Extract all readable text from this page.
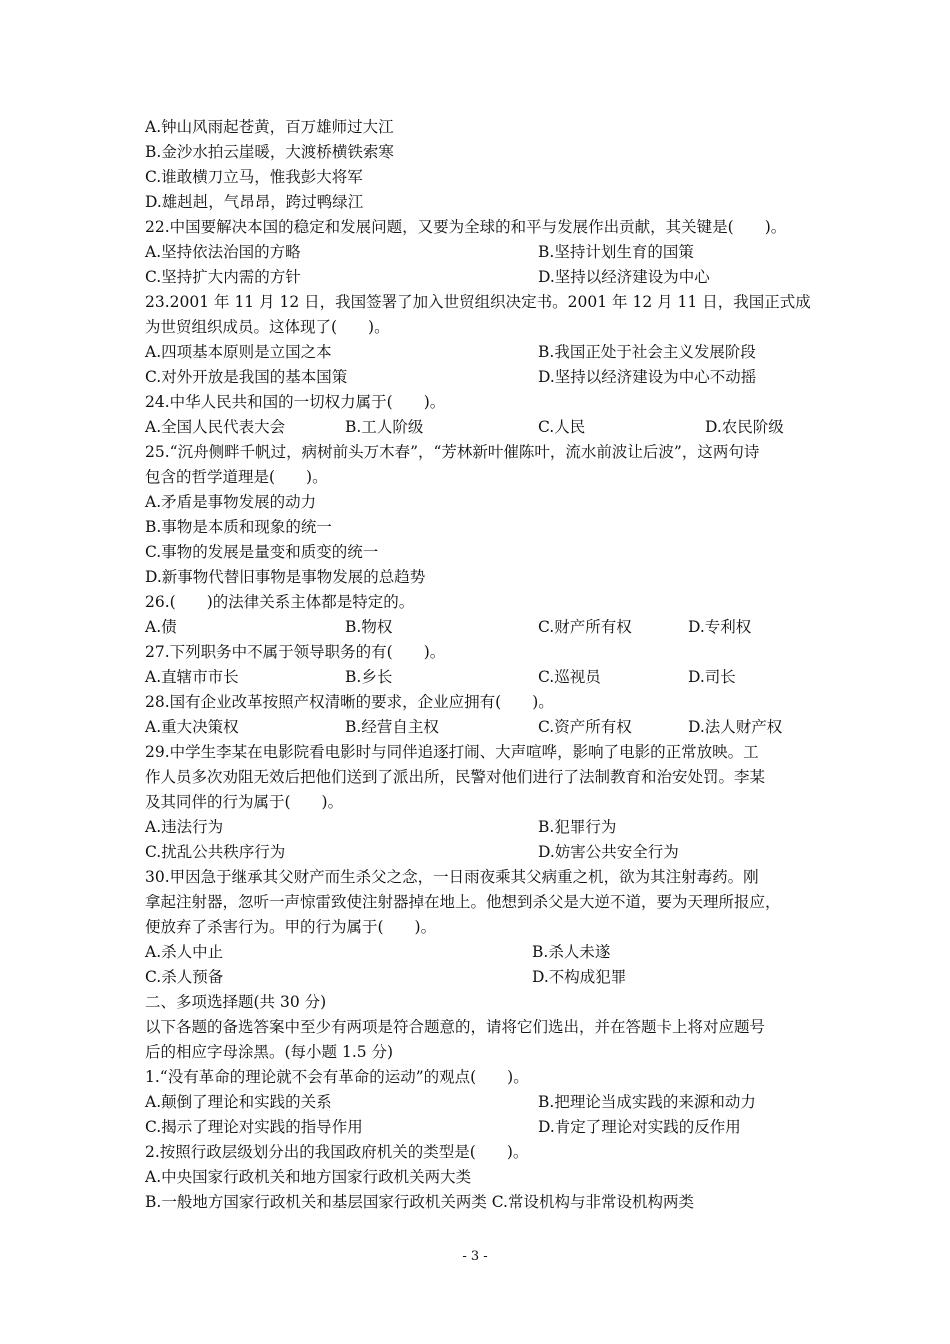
A.钟山风雨起苍黄，百万雄师过大江
B.金沙水拍云崖暖，大渡桥横铁索寒
C.谁敢横刀立马，惟我彭大将军
D.雄赳赳，气昂昂，跨过鸭绿江
22.中国要解决本国的稳定和发展问题，又要为全球的和平与发展作出贡献，其关键是(　　)。
A.坚持依法治国的方略	B.坚持计划生育的国策
C.坚持扩大内需的方针	D.坚持以经济建设为中心
23.2001 年 11 月 12 日，我国签署了加入世贸组织决定书。2001 年 12 月 11 日，我国正式成
为世贸组织成员。这体现了(　　)。
A.四项基本原则是立国之本	B.我国正处于社会主义发展阶段
C.对外开放是我国的基本国策	D.坚持以经济建设为中心不动摇
24.中华人民共和国的一切权力属于(　　)。
A.全国人民代表大会	B.工人阶级	C.人民	D.农民阶级
25.“沉舟侧畔千帆过，病树前头万木春”，“芳林新叶催陈叶，流水前波让后波”，这两句诗
包含的哲学道理是(　　)。
A.矛盾是事物发展的动力
B.事物是本质和现象的统一
C.事物的发展是量变和质变的统一
D.新事物代替旧事物是事物发展的总趋势
26.(　　)的法律关系主体都是特定的。
A.债	B.物权	C.财产所有权	D.专利权
27.下列职务中不属于领导职务的有(　　)。
A.直辖市市长	B.乡长	C.巡视员	D.司长
28.国有企业改革按照产权清晰的要求，企业应拥有(　　)。
A.重大决策权	B.经营自主权	C.资产所有权	D.法人财产权
29.中学生李某在电影院看电影时与同伴追逐打闹、大声喧哗，影响了电影的正常放映。工
作人员多次劝阻无效后把他们送到了派出所，民警对他们进行了法制教育和治安处罚。李某
及其同伴的行为属于(　　)。
A.违法行为	B.犯罪行为
C.扰乱公共秩序行为	D.妨害公共安全行为
30.甲因急于继承其父财产而生杀父之念，一日雨夜乘其父病重之机，欲为其注射毒药。刚
拿起注射器，忽听一声惊雷致使注射器掉在地上。他想到杀父是大逆不道，要为天理所报应，
便放弃了杀害行为。甲的行为属于(　　)。
A.杀人中止	B.杀人未遂
C.杀人预备	D.不构成犯罪
二、多项选择题(共 30 分)
以下各题的备选答案中至少有两项是符合题意的，请将它们选出，并在答题卡上将对应题号
后的相应字母涂黑。(每小题 1.5 分)
1.“没有革命的理论就不会有革命的运动”的观点(　　)。
A.颠倒了理论和实践的关系	B.把理论当成实践的来源和动力
C.揭示了理论对实践的指导作用	D.肯定了理论对实践的反作用
2.按照行政层级划分出的我国政府机关的类型是(　　)。
A.中央国家行政机关和地方国家行政机关两大类
B.一般地方国家行政机关和基层国家行政机关两类 C.常设机构与非常设机构两类
- 3 -
